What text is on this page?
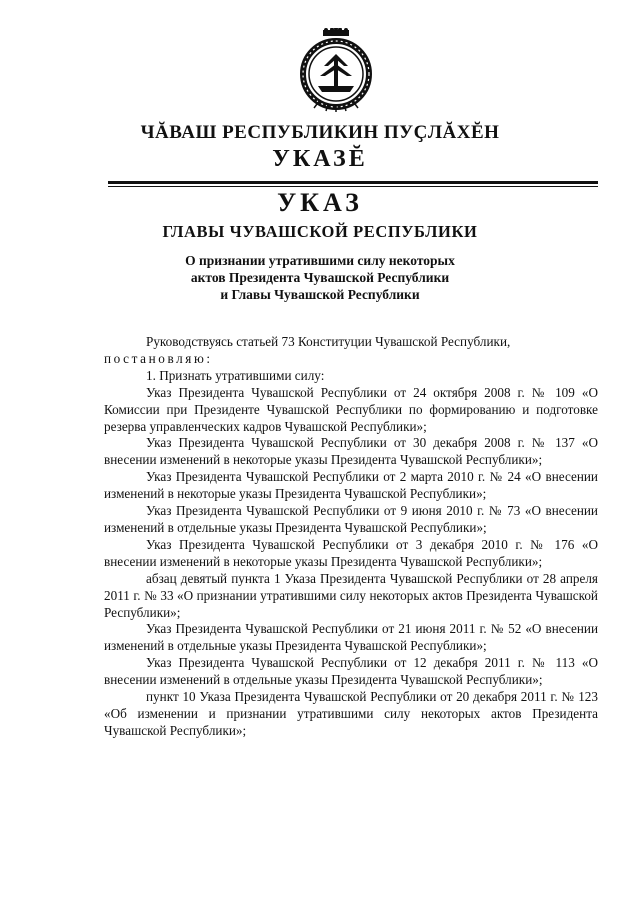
ЧĂВАШ РЕСПУБЛИКИН ПУҪЛĂХĔН
УКАЗĔ
УКАЗ
ГЛАВЫ ЧУВАШСКОЙ РЕСПУБЛИКИ
О признании утратившими силу некоторых
актов Президента Чувашской Республики
и Главы Чувашской Республики

Руководствуясь статьей 73 Конституции Чувашской Республики,

постановляю:

1. Признать утратившими силу:

Указ Президента Чувашской Республики от 24 октября 2008 г. № 109 «О Комиссии при Президенте Чувашской Республики по формированию и подготовке резерва управленческих кадров Чувашской Республики»;

Указ Президента Чувашской Республики от 30 декабря 2008 г. № 137 «О внесении изменений в некоторые указы Президента Чувашской Республики»;

Указ Президента Чувашской Республики от 2 марта 2010 г. № 24 «О внесении изменений в некоторые указы Президента Чувашской Республики»;

Указ Президента Чувашской Республики от 9 июня 2010 г. № 73 «О внесении изменений в отдельные указы Президента Чувашской Республики»;

Указ Президента Чувашской Республики от 3 декабря 2010 г. № 176 «О внесении изменений в некоторые указы Президента Чувашской Республики»;

абзац девятый пункта 1 Указа Президента Чувашской Республики от 28 апреля 2011 г. № 33 «О признании утратившими силу некоторых актов Президента Чувашской Республики»;

Указ Президента Чувашской Республики от 21 июня 2011 г. № 52 «О внесении изменений в отдельные указы Президента Чувашской Республики»;

Указ Президента Чувашской Республики от 12 декабря 2011 г. № 113 «О внесении изменений в отдельные указы Президента Чувашской Республики»;

пункт 10 Указа Президента Чувашской Республики от 20 декабря 2011 г. № 123 «Об изменении и признании утратившими силу некоторых актов Президента Чувашской Республики»;
